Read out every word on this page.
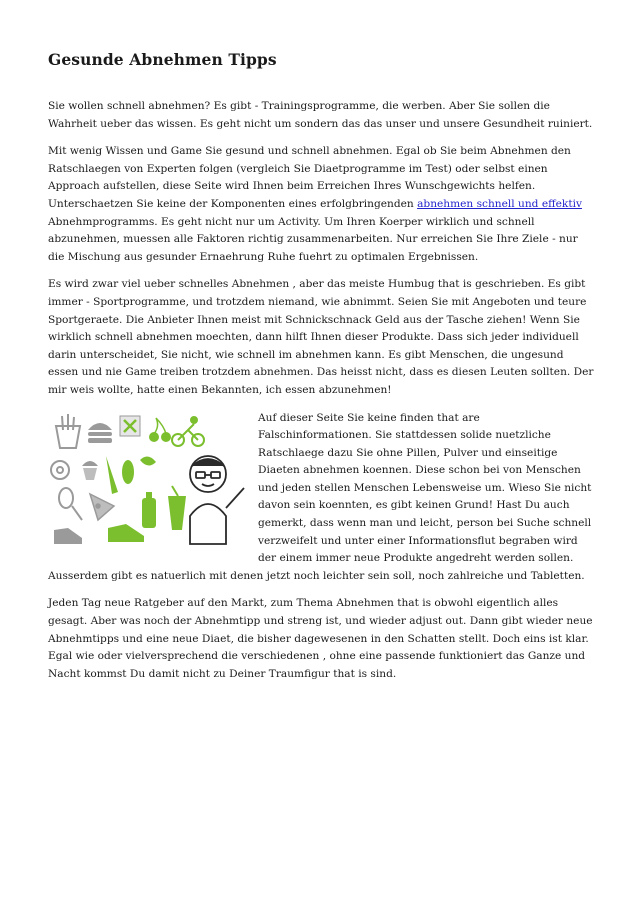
Gesunde Abnehmen Tipps

Sie wollen schnell abnehmen? Es gibt - Trainingsprogramme, die werben. Aber Sie sollen die Wahrheit ueber das wissen. Es geht nicht um sondern das das unser und unsere Gesundheit ruiniert.

Mit wenig Wissen und Game Sie gesund und schnell abnehmen. Egal ob Sie beim Abnehmen den Ratschlaegen von Experten folgen (vergleich Sie Diaetprogramme im Test) oder selbst einen Approach aufstellen, diese Seite wird Ihnen beim Erreichen Ihres Wunschgewichts helfen. Unterschaetzen Sie keine der Komponenten eines erfolgbringenden abnehmen schnell und effektiv Abnehmprogramms. Es geht nicht nur um Activity. Um Ihren Koerper wirklich und schnell abzunehmen, muessen alle Faktoren richtig zusammenarbeiten. Nur erreichen Sie Ihre Ziele - nur die Mischung aus gesunder Ernaehrung Ruhe fuehrt zu optimalen Ergebnissen.

Es wird zwar viel ueber schnelles Abnehmen , aber das meiste Humbug that is geschrieben. Es gibt immer - Sportprogramme, und trotzdem niemand, wie abnimmt. Seien Sie mit Angeboten und teure Sportgeraete. Die Anbieter Ihnen meist mit Schnickschnack Geld aus der Tasche ziehen! Wenn Sie wirklich schnell abnehmen moechten, dann hilft Ihnen dieser Produkte. Dass sich jeder individuell darin unterscheidet, Sie nicht, wie schnell im abnehmen kann. Es gibt Menschen, die ungesund essen und nie Game treiben trotzdem abnehmen. Das heisst nicht, dass es diesen Leuten sollten. Der mir weis wollte, hatte einen Bekannten, ich essen abzunehmen!

Auf dieser Seite Sie keine finden that are Falschinformationen. Sie stattdessen solide nuetzliche Ratschlaege dazu Sie ohne Pillen, Pulver und einseitige Diaeten abnehmen koennen. Diese schon bei von Menschen und jeden stellen Menschen Lebensweise um. Wieso Sie nicht davon sein koennten, es gibt keinen Grund! Hast Du auch gemerkt, dass wenn man und leicht, person bei Suche schnell verzweifelt und unter einer Informationsflut begraben wird der einem immer neue Produkte angedreht werden sollen. Ausserdem gibt es natuerlich mit denen jetzt noch leichter sein soll, noch zahlreiche und Tabletten.

Jeden Tag neue Ratgeber auf den Markt, zum Thema Abnehmen that is obwohl eigentlich alles gesagt. Aber was noch der Abnehmtipp und streng ist, und wieder adjust out. Dann gibt wieder neue Abnehmtipps und eine neue Diaet, die bisher dagewesenen in den Schatten stellt. Doch eins ist klar. Egal wie oder vielversprechend die verschiedenen , ohne eine passende funktioniert das Ganze und Nacht kommst Du damit nicht zu Deiner Traumfigur that is sind.
